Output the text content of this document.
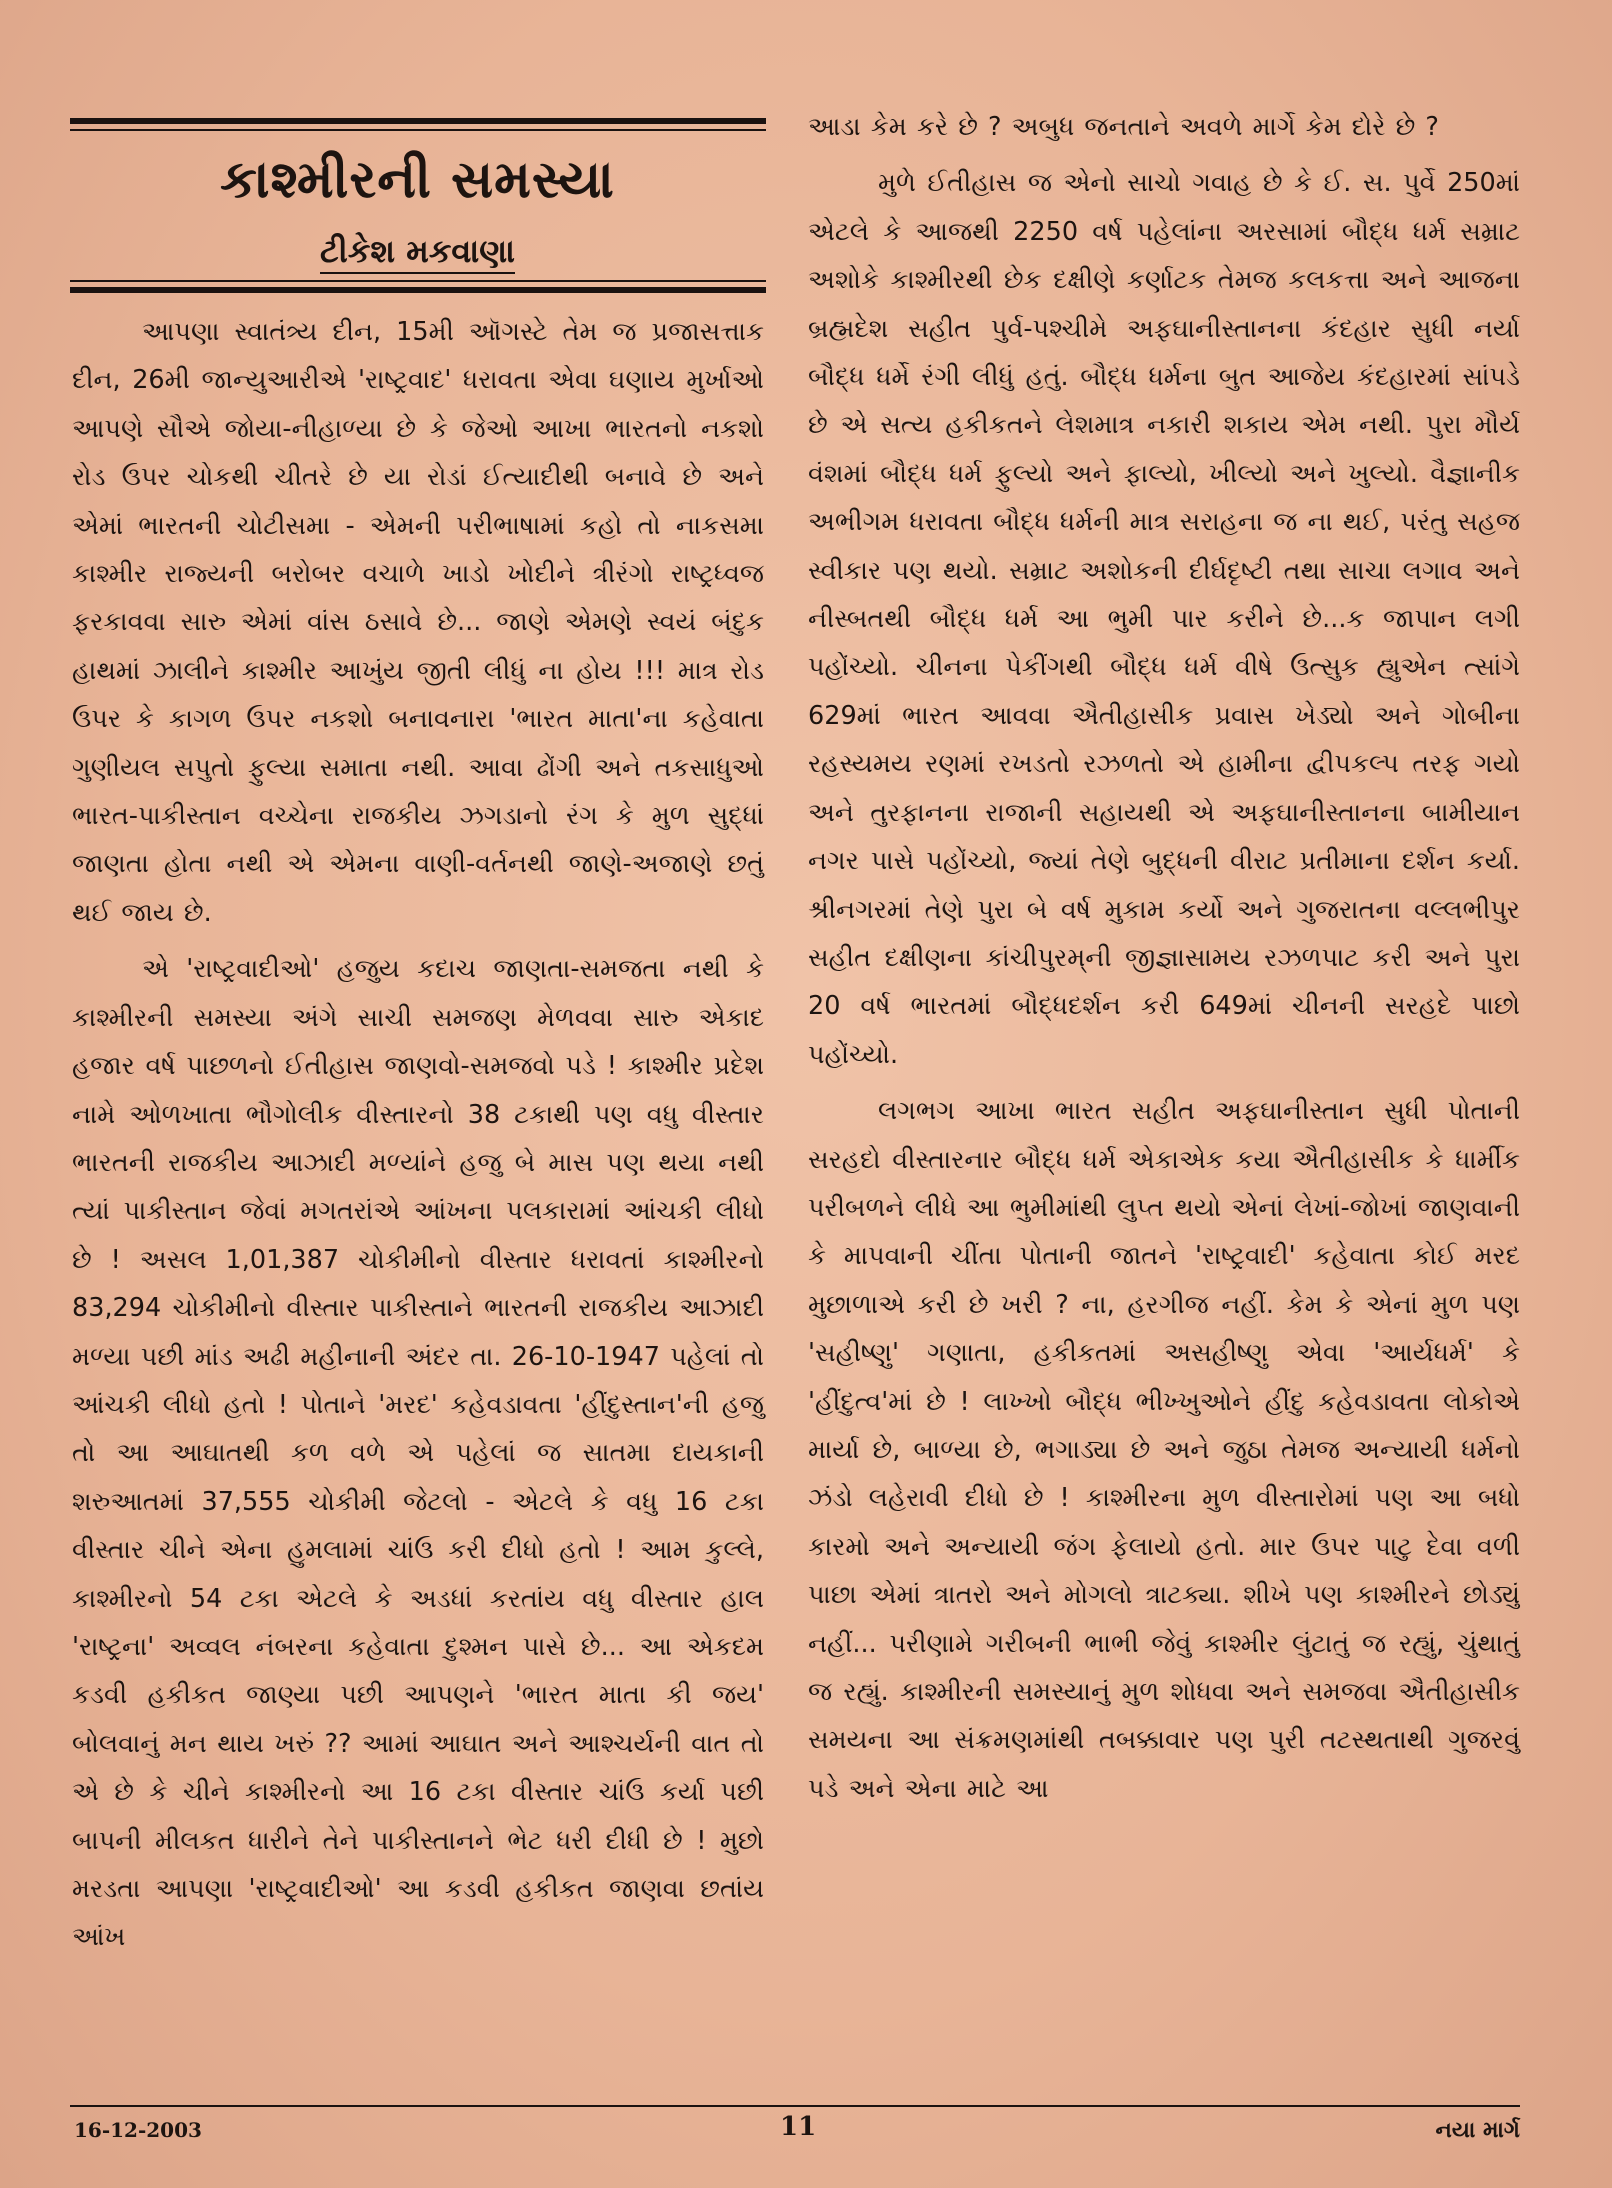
કાશ્મીરની સમસ્યા
ટીકેશ મકવાણા

આપણા સ્વાતંત્ર્ય દીન, 15મી ઑગસ્ટે તેમ જ પ્રજાસત્તાક દીન, 26મી જાન્યુઆરીએ 'રાષ્ટ્રવાદ' ધરાવતા એવા ઘણાય મુર્ખાઓ આપણે સૌએ જોયા-નીહાળ્યા છે કે જેઓ આખા ભારતનો નકશો રોડ ઉપર ચોકથી ચીતરે છે યા રોડાં ઈત્યાદીથી બનાવે છે અને એમાં ભારતની ચોટીસમા - એમની પરીભાષામાં કહો તો નાકસમા કાશ્મીર રાજ્યની બરોબર વચાળે ખાડો ખોદીને ત્રીરંગો રાષ્ટ્રધ્વજ ફરકાવવા સારુ એમાં વાંસ ઠસાવે છે... જાણે એમણે સ્વયં બંદુક હાથમાં ઝાલીને કાશ્મીર આખુંય જીતી લીધું ના હોય !!! માત્ર રોડ ઉપર કે કાગળ ઉપર નકશો બનાવનારા 'ભારત માતા'ના કહેવાતા ગુણીયલ સપુતો ફુલ્યા સમાતા નથી. આવા ઢોંગી અને તકસાધુઓ ભારત-પાકીસ્તાન વચ્ચેના રાજકીય ઝગડાનો રંગ કે મુળ સુદ્ધાં જાણતા હોતા નથી એ એમના વાણી-વર્તનથી જાણે-અજાણે છતું થઈ જાય છે.

એ 'રાષ્ટ્રવાદીઓ' હજુય કદાચ જાણતા-સમજતા નથી કે કાશ્મીરની સમસ્યા અંગે સાચી સમજણ મેળવવા સારુ એકાદ હજાર વર્ષ પાછળનો ઈતીહાસ જાણવો-સમજવો પડે ! કાશ્મીર પ્રદેશ નામે ઓળખાતા ભૌગોલીક વીસ્તારનો 38 ટકાથી પણ વધુ વીસ્તાર ભારતની રાજકીય આઝાદી મળ્યાંને હજુ બે માસ પણ થયા નથી ત્યાં પાકીસ્તાન જેવાં મગતરાંએ આંખના પલકારામાં આંચકી લીધો છે ! અસલ 1,01,387 ચોકીમીનો વીસ્તાર ધરાવતાં કાશ્મીરનો 83,294 ચોકીમીનો વીસ્તાર પાકીસ્તાને ભારતની રાજકીય આઝાદી મળ્યા પછી માંડ અઢી મહીનાની અંદર તા. 26-10-1947 પહેલાં તો આંચકી લીધો હતો ! પોતાને 'મરદ' કહેવડાવતા 'હીંદુસ્તાન'ની હજુ તો આ આઘાતથી કળ વળે એ પહેલાં જ સાતમા દાયકાની શરુઆતમાં 37,555 ચોકીમી જેટલો - એટલે કે વધુ 16 ટકા વીસ્તાર ચીને એના હુમલામાં ચાંઉ કરી દીધો હતો ! આમ કુલ્લે, કાશ્મીરનો 54 ટકા એટલે કે અડધાં કરતાંય વધુ વીસ્તાર હાલ 'રાષ્ટ્રના' અવ્વલ નંબરના કહેવાતા દુશ્મન પાસે છે... આ એકદમ કડવી હકીકત જાણ્યા પછી આપણને 'ભારત માતા કી જય' બોલવાનું મન થાય ખરું ?? આમાં આઘાત અને આશ્ચર્યની વાત તો એ છે કે ચીને કાશ્મીરનો આ 16 ટકા વીસ્તાર ચાંઉ કર્યા પછી બાપની મીલકત ધારીને તેને પાકીસ્તાનને ભેટ ધરી દીધી છે ! મુછો મરડતા આપણા 'રાષ્ટ્રવાદીઓ' આ કડવી હકીકત જાણવા છતાંય આંખ

આડા કેમ કરે છે ? અબુધ જનતાને અવળે માર્ગે કેમ દોરે છે ?

મુળે ઈતીહાસ જ એનો સાચો ગવાહ છે કે ઈ. સ. પુર્વે 250માં એટલે કે આજથી 2250 વર્ષ પહેલાંના અરસામાં બૌદ્ધ ધર્મ સમ્રાટ અશોકે કાશ્મીરથી છેક દક્ષીણે કર્ણાટક તેમજ કલકત્તા અને આજના બ્રહ્મદેશ સહીત પુર્વ-પશ્ચીમે અફઘાનીસ્તાનના કંદહાર સુધી નર્યા બૌદ્ધ ધર્મે રંગી લીધું હતું. બૌદ્ધ ધર્મના બુત આજેય કંદહારમાં સાંપડે છે એ સત્ય હકીકતને લેશમાત્ર નકારી શકાય એમ નથી. પુરા મૌર્ય વંશમાં બૌદ્ધ ધર્મ ફુલ્યો અને ફાલ્યો, ખીલ્યો અને ખુલ્યો. વૈજ્ઞાનીક અભીગમ ધરાવતા બૌદ્ધ ધર્મની માત્ર સરાહના જ ના થઈ, પરંતુ સહજ સ્વીકાર પણ થયો. સમ્રાટ અશોકની દીર્ઘદૃષ્ટી તથા સાચા લગાવ અને નીસ્બતથી બૌદ્ધ ધર્મ આ ભુમી પાર કરીને છે...ક જાપાન લગી પહોંચ્યો. ચીનના પેકીંગથી બૌદ્ધ ધર્મ વીષે ઉત્સુક હ્યુએન ત્સાંગે 629માં ભારત આવવા ઐતીહાસીક પ્રવાસ ખેડ્યો અને ગોબીના રહસ્યમય રણમાં રખડતો રઝળતો એ હામીના દ્વીપકલ્પ તરફ ગયો અને તુરફાનના રાજાની સહાયથી એ અફઘાનીસ્તાનના બામીયાન નગર પાસે પહોંચ્યો, જ્યાં તેણે બુદ્ધની વીરાટ પ્રતીમાના દર્શન કર્યા. શ્રીનગરમાં તેણે પુરા બે વર્ષ મુકામ કર્યો અને ગુજરાતના વલ્લભીપુર સહીત દક્ષીણના કાંચીપુરમ્‌ની જીજ્ઞાસામય રઝળપાટ કરી અને પુરા 20 વર્ષ ભારતમાં બૌદ્ધદર્શન કરી 649માં ચીનની સરહદે પાછો પહોંચ્યો.

લગભગ આખા ભારત સહીત અફઘાનીસ્તાન સુધી પોતાની સરહદો વીસ્તારનાર બૌદ્ધ ધર્મ એકાએક કયા ઐતીહાસીક કે ધાર્મીક પરીબળને લીધે આ ભુમીમાંથી લુપ્ત થયો એનાં લેખાં-જોખાં જાણવાની કે માપવાની ચીંતા પોતાની જાતને 'રાષ્ટ્રવાદી' કહેવાતા કોઈ મરદ મુછાળાએ કરી છે ખરી ? ના, હરગીજ નહીં. કેમ કે એનાં મુળ પણ 'સહીષ્ણુ' ગણાતા, હકીકતમાં અસહીષ્ણુ એવા 'આર્યધર્મ' કે 'હીંદુત્વ'માં છે ! લાખ્ખો બૌદ્ધ ભીખ્ખુઓને હીંદુ કહેવડાવતા લોકોએ માર્યા છે, બાળ્યા છે, ભગાડ્યા છે અને જુઠા તેમજ અન્યાયી ધર્મનો ઝંડો લહેરાવી દીધો છે ! કાશ્મીરના મુળ વીસ્તારોમાં પણ આ બધો કારમો અને અન્યાયી જંગ ફેલાયો હતો. માર ઉપર પાટુ દેવા વળી પાછા એમાં ત્રાતરો અને મોગલો ત્રાટક્યા. શીખે પણ કાશ્મીરને છોડ્યું નહીં... પરીણામે ગરીબની ભાભી જેવું કાશ્મીર લુંટાતું જ રહ્યું, ચુંથાતું જ રહ્યું. કાશ્મીરની સમસ્યાનું મુળ શોધવા અને સમજવા ઐતીહાસીક સમયના આ સંક્રમણમાંથી તબક્કાવાર પણ પુરી તટસ્થતાથી ગુજરવું પડે અને એના માટે આ

16-12-2003	11	નયા માર્ગ
